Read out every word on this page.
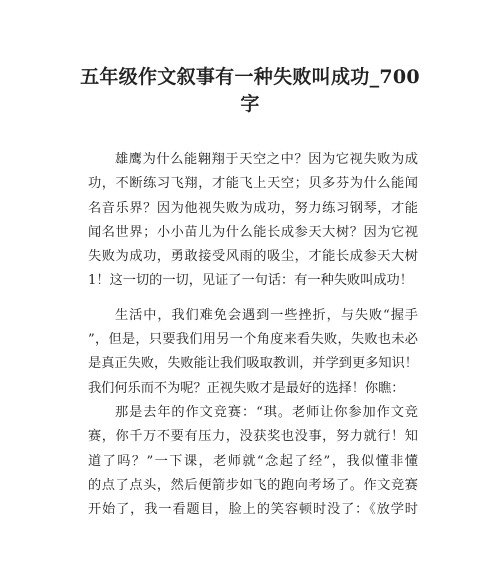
五年级作文叙事有一种失败叫成功_700
字

雄鹰为什么能翱翔于天空之中？因为它视失败为成
功，不断练习飞翔，才能飞上天空；贝多芬为什么能闻
名音乐界？因为他视失败为成功，努力练习钢琴，才能
闻名世界；小小苗儿为什么能长成参天大树？因为它视
失败为成功，勇敢接受风雨的吸尘，才能长成参天大树
1！这一切的一切，见证了一句话：有一种失败叫成功！

生活中，我们难免会遇到一些挫折，与失败“握手
”，但是，只要我们用另一个角度来看失败，失败也未必
是真正失败，失败能让我们吸取教训，并学到更多知识！
我们何乐而不为呢？正视失败才是最好的选择！你瞧：

那是去年的作文竞赛：“琪。老师让你参加作文竞
赛，你千万不要有压力，没获奖也没事，努力就行！知
道了吗？”一下课，老师就“念起了经”，我似懂非懂
的点了点头，然后便箭步如飞的跑向考场了。作文竞赛
开始了，我一看题目，脸上的笑容顿时没了：《放学时
